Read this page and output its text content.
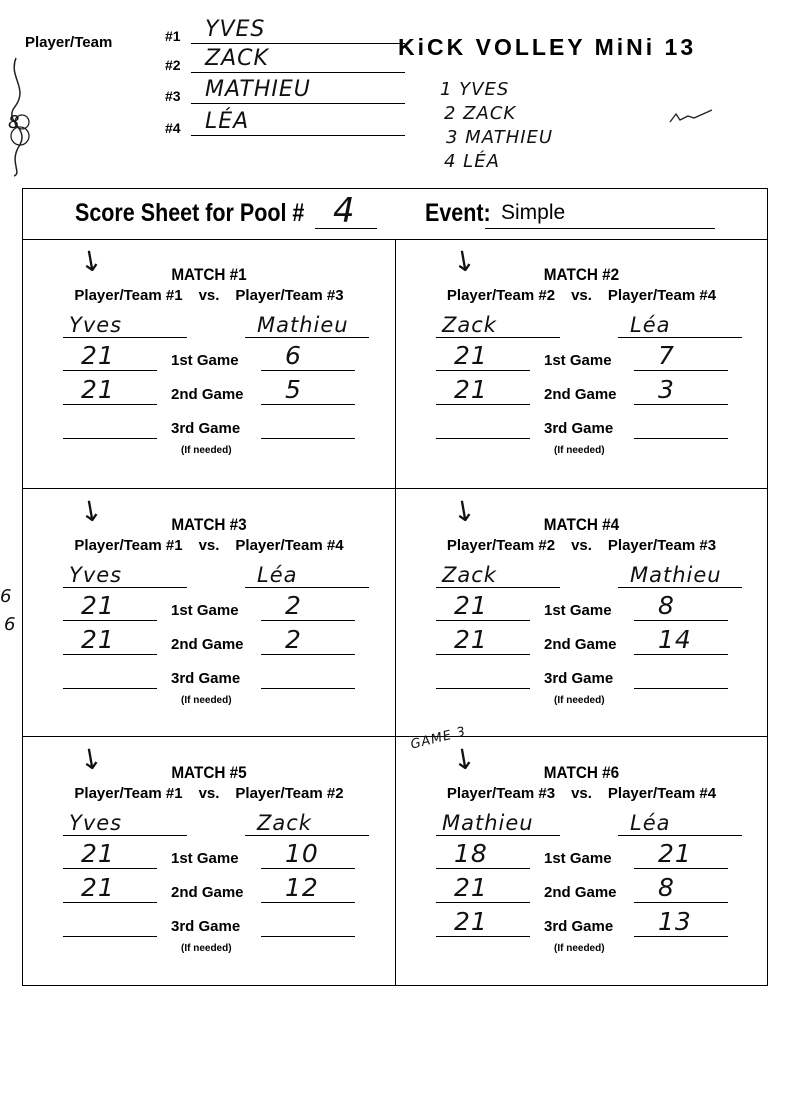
Player/Team	#1 YVES
#2 ZACK
#3 MATHIEU
#4 LÉA
KiCK VOLLEY MiNi 13
1 YVES
2 ZACK
3 MATHIEU
4 LÉA
8
6
6
Score Sheet for Pool # 4	Event: Simple
↓	MATCH #1
Player/Team #1 vs. Player/Team #3
Yves	Mathieu
21	1st Game 6
21	2nd Game 5
3rd Game
(If needed)
↓	MATCH #2
Player/Team #2 vs. Player/Team #4
Zack	Léa
21	1st Game 7
21	2nd Game 3
3rd Game
(If needed)
↓	MATCH #3
Player/Team #1 vs. Player/Team #4
Yves	Léa
21	1st Game 2
21	2nd Game 2
3rd Game
(If needed)
↓	MATCH #4
Player/Team #2 vs. Player/Team #3
Zack	Mathieu
21	1st Game 8
21	2nd Game 14
3rd Game
(If needed)
↓	MATCH #5
Player/Team #1 vs. Player/Team #2
Yves	Zack
21	1st Game 10
21	2nd Game 12
3rd Game
(If needed)
GAME 3
↓	MATCH #6
Player/Team #3 vs. Player/Team #4
Mathieu	Léa
18	1st Game 21
21	2nd Game 8
21	3rd Game 13
(If needed)
